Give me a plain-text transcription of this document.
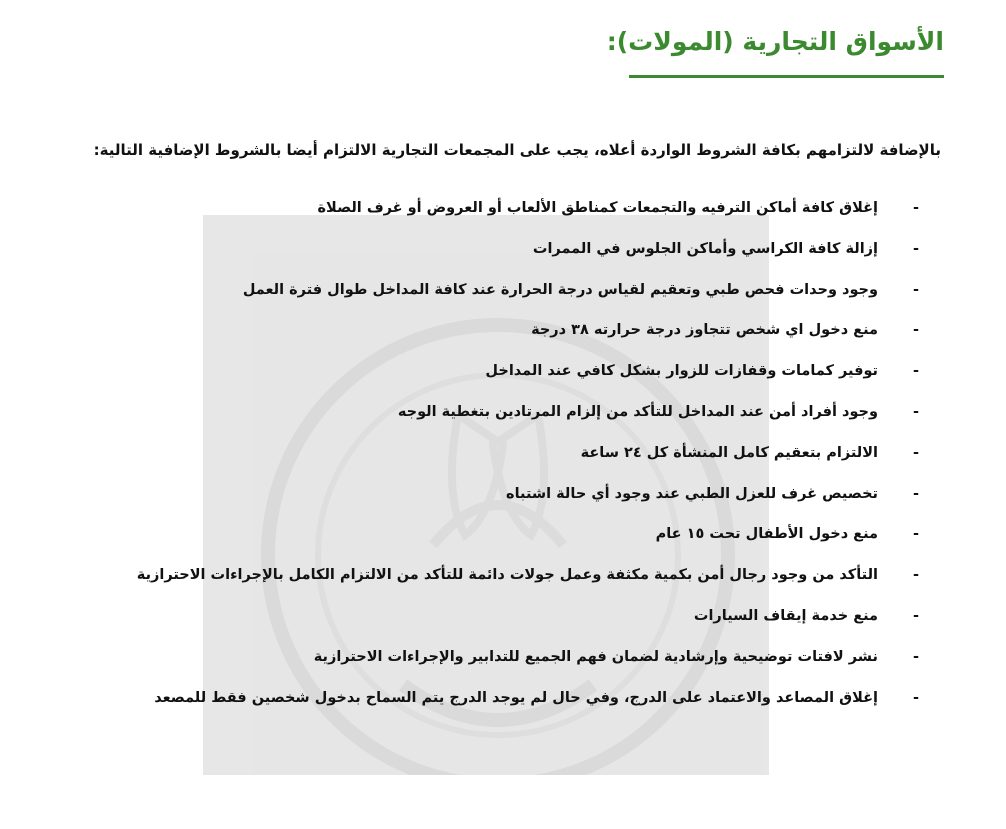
الأسواق التجارية (المولات):

بالإضافة لالتزامهم بكافة الشروط الواردة أعلاه، يجب على المجمعات التجارية الالتزام أيضا بالشروط الإضافية التالية:

-
إغلاق كافة أماكن الترفيه والتجمعات كمناطق الألعاب أو العروض أو غرف الصلاة
-
إزالة كافة الكراسي وأماكن الجلوس في الممرات
-
وجود وحدات فحص طبي وتعقيم لقياس درجة الحرارة عند كافة المداخل طوال فترة العمل
-
منع دخول اي شخص تتجاوز درجة حرارته ٣٨ درجة
-
توفير كمامات وقفازات للزوار بشكل كافي عند المداخل
-
وجود أفراد أمن عند المداخل للتأكد من إلزام المرتادين بتغطية الوجه
-
الالتزام بتعقيم كامل المنشأة كل ٢٤ ساعة
-
تخصيص غرف للعزل الطبي عند وجود أي حالة اشتباه
-
منع دخول الأطفال تحت ١٥ عام
-
التأكد من وجود رجال أمن بكمية مكثفة وعمل جولات دائمة للتأكد من الالتزام الكامل بالإجراءات الاحترازية
-
منع خدمة إيقاف السيارات
-
نشر لافتات توضيحية وإرشادية لضمان فهم الجميع للتدابير والإجراءات الاحترازية
-
إغلاق المصاعد والاعتماد على الدرج، وفي حال لم يوجد الدرج يتم السماح بدخول شخصين فقط للمصعد
